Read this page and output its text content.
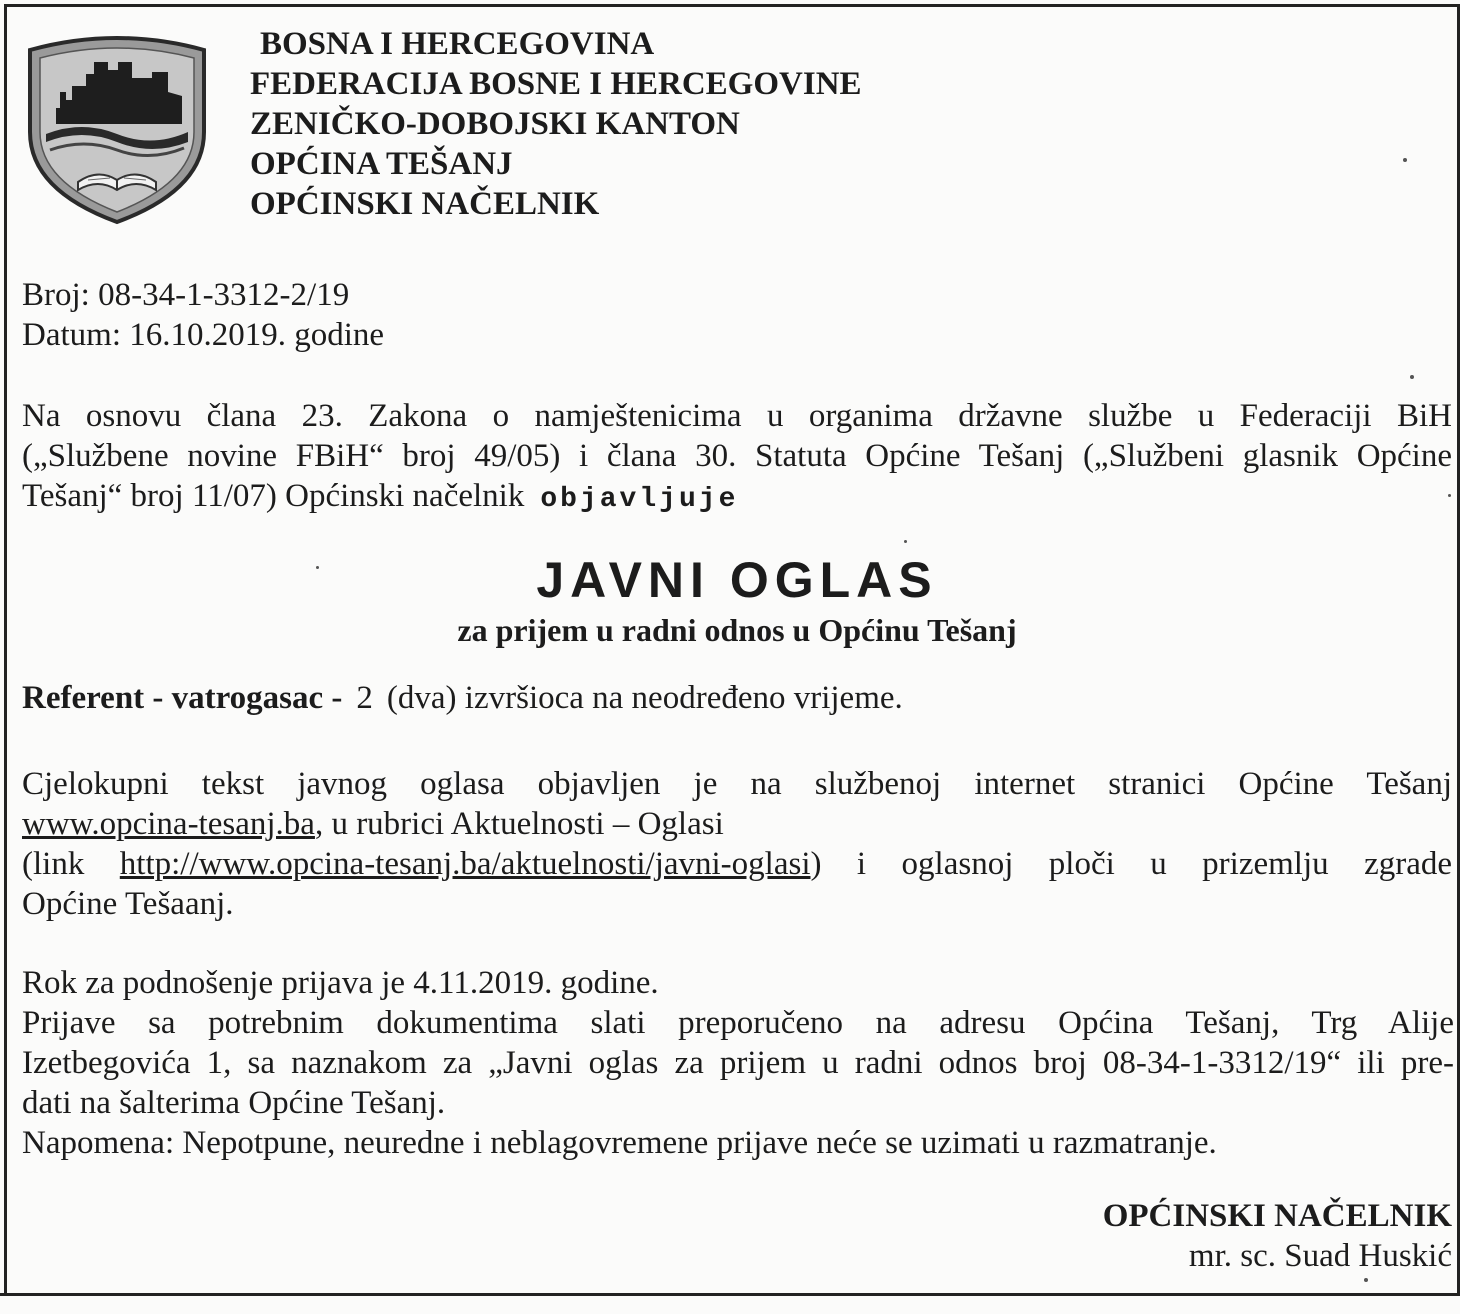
BOSNA I HERCEGOVINA
FEDERACIJA BOSNE I HERCEGOVINE
ZENIČKO-DOBOJSKI KANTON
OPĆINA TEŠANJ
OPĆINSKI NAČELNIK
Broj: 08-34-1-3312-2/19
Datum: 16.10.2019. godine
Na osnovu člana 23. Zakona o namještenicima u organima državne službe u Federaciji BiH
(„Službene novine FBiH“ broj 49/05) i člana 30. Statuta Općine Tešanj („Službeni glasnik Općine
Tešanj“ broj 11/07) Općinski načelnik objavljuje
JAVNI OGLAS
za prijem u radni odnos u Općinu Tešanj
Referent - vatrogasac - 2 (dva) izvršioca na neodređeno vrijeme.
Cjelokupni tekst javnog oglasa objavljen je na službenoj internet stranici Općine Tešanj
www.opcina-tesanj.ba, u rubrici Aktuelnosti – Oglasi
(link http://www.opcina-tesanj.ba/aktuelnosti/javni-oglasi) i oglasnoj ploči u prizemlju zgrade
Općine Tešaanj.
Rok za podnošenje prijava je 4.11.2019. godine.
Prijave sa potrebnim dokumentima slati preporučeno na adresu Općina Tešanj, Trg Alije
Izetbegovića 1, sa naznakom za „Javni oglas za prijem u radni odnos broj 08-34-1-3312/19“ ili pre-
dati na šalterima Općine Tešanj.
Napomena: Nepotpune, neuredne i neblagovremene prijave neće se uzimati u razmatranje.
OPĆINSKI NAČELNIK
mr. sc. Suad Huskić
